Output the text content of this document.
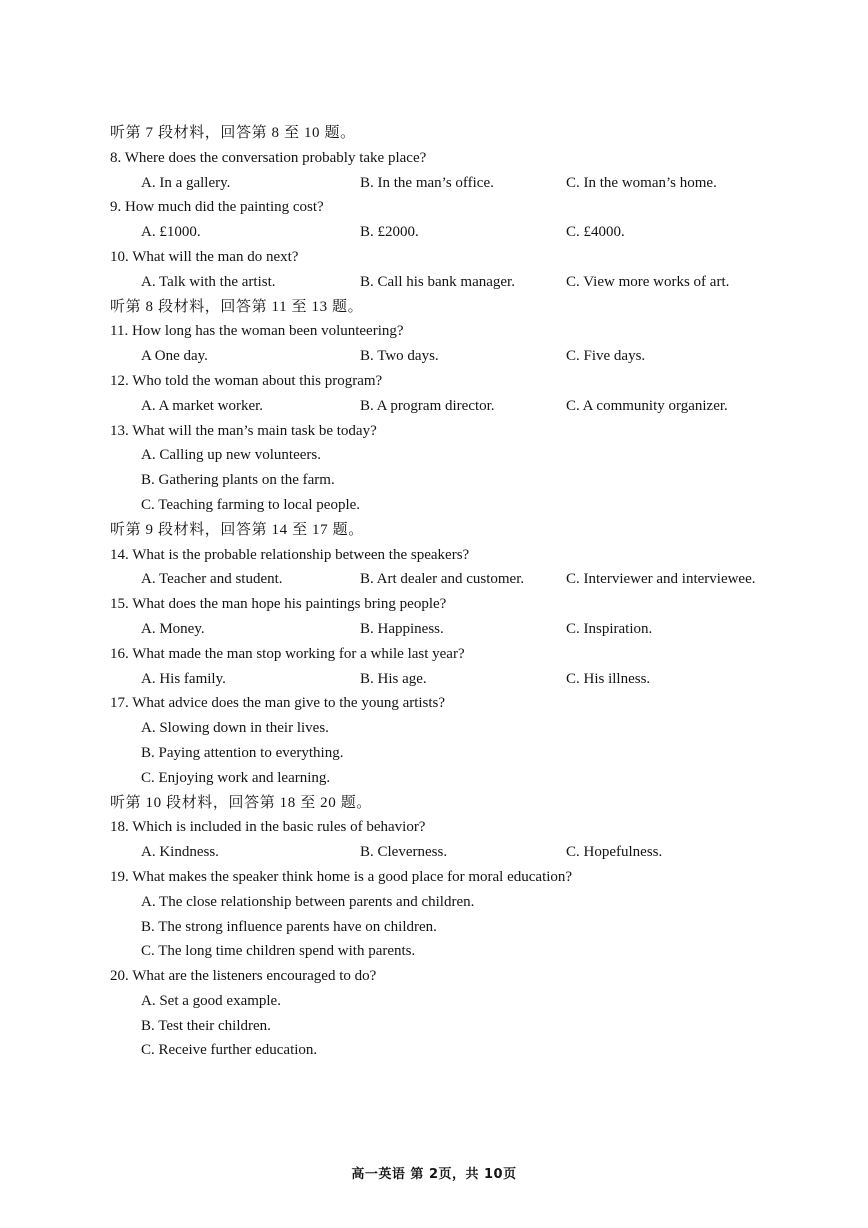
听第 7 段材料，回答第 8 至 10 题。
8. Where does the conversation probably take place?
A. In a gallery.	B. In the man’s office.	C. In the woman’s home.
9. How much did the painting cost?
A. £1000.	B. £2000.	C. £4000.
10. What will the man do next?
A. Talk with the artist.	B. Call his bank manager.	C. View more works of art.
听第 8 段材料，回答第 11 至 13 题。
11. How long has the woman been volunteering?
A One day.	B. Two days.	C. Five days.
12. Who told the woman about this program?
A. A market worker.	B. A program director.	C. A community organizer.
13. What will the man’s main task be today?
A. Calling up new volunteers.
B. Gathering plants on the farm.
C. Teaching farming to local people.
听第 9 段材料，回答第 14 至 17 题。
14. What is the probable relationship between the speakers?
A. Teacher and student.	B. Art dealer and customer.	C. Interviewer and interviewee.
15. What does the man hope his paintings bring people?
A. Money.	B. Happiness.	C. Inspiration.
16. What made the man stop working for a while last year?
A. His family.	B. His age.	C. His illness.
17. What advice does the man give to the young artists?
A. Slowing down in their lives.
B. Paying attention to everything.
C. Enjoying work and learning.
听第 10 段材料，回答第 18 至 20 题。
18. Which is included in the basic rules of behavior?
A. Kindness.	B. Cleverness.	C. Hopefulness.
19. What makes the speaker think home is a good place for moral education?
A. The close relationship between parents and children.
B. The strong influence parents have on children.
C. The long time children spend with parents.
20. What are the listeners encouraged to do?
A. Set a good example.
B. Test their children.
C. Receive further education.
高一英语 第 2页，共 10页
